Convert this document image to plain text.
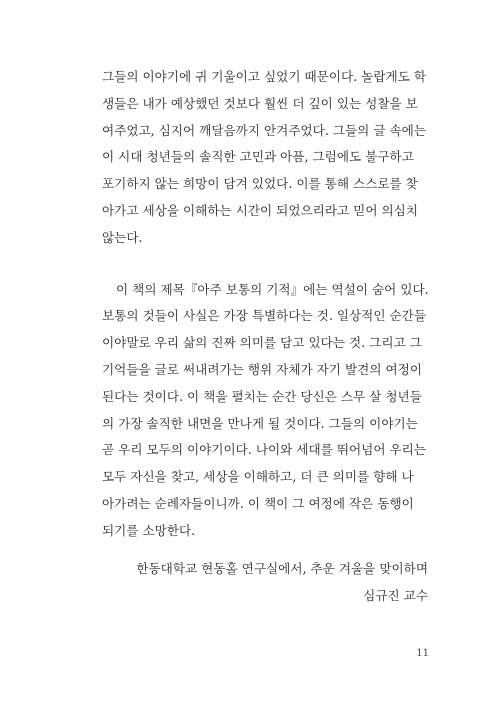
그들의 이야기에 귀 기울이고 싶었기 때문이다. 놀랍게도 학
생들은 내가 예상했던 것보다 훨씬 더 깊이 있는 성찰을 보
여주었고, 심지어 깨달음까지 안겨주었다. 그들의 글 속에는
이 시대 청년들의 솔직한 고민과 아픔, 그럼에도 불구하고
포기하지 않는 희망이 담겨 있었다. 이를 통해 스스로를 찾
아가고 세상을 이해하는 시간이 되었으리라고 믿어 의심치
않는다.
이 책의 제목『아주 보통의 기적』에는 역설이 숨어 있다.
보통의 것들이 사실은 가장 특별하다는 것. 일상적인 순간들
이야말로 우리 삶의 진짜 의미를 담고 있다는 것. 그리고 그
기억들을 글로 써내려가는 행위 자체가 자기 발견의 여정이
된다는 것이다. 이 책을 펼치는 순간 당신은 스무 살 청년들
의 가장 솔직한 내면을 만나게 될 것이다. 그들의 이야기는
곧 우리 모두의 이야기이다. 나이와 세대를 뛰어넘어 우리는
모두 자신을 찾고, 세상을 이해하고, 더 큰 의미를 향해 나
아가려는 순례자들이니까. 이 책이 그 여정에 작은 동행이
되기를 소망한다.
한동대학교 현동홀 연구실에서, 추운 겨울을 맞이하며
심규진 교수
11
